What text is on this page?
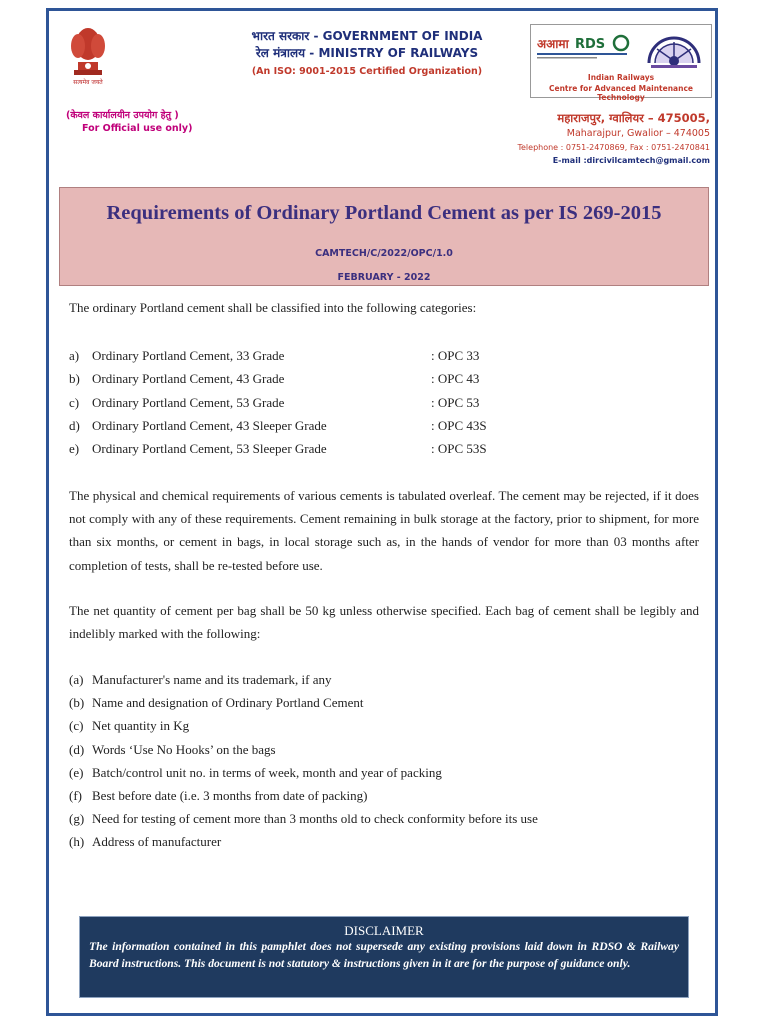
सत्यमेव जयते
(केवल कार्यालयीन उपयोग हेतु )
For Official use only)
भारत सरकार - GOVERNMENT OF INDIA
रेल मंत्रालय - MINISTRY OF RAILWAYS
(An ISO: 9001-2015 Certified Organization)
अआमा RDS
Indian Railways
Centre for Advanced Maintenance Technology
महाराजपुर, ग्वालियर – 475005,
Maharajpur, Gwalior – 474005
Telephone : 0751-2470869, Fax : 0751-2470841
E-mail :dircivilcamtech@gmail.com
Requirements of Ordinary Portland Cement as per IS 269-2015
CAMTECH/C/2022/OPC/1.0
FEBRUARY - 2022
The ordinary Portland cement shall be classified into the following categories:
a) Ordinary Portland Cement, 33 Grade	: OPC 33
b) Ordinary Portland Cement, 43 Grade	: OPC 43
c) Ordinary Portland Cement, 53 Grade	: OPC 53
d) Ordinary Portland Cement, 43 Sleeper Grade	: OPC 43S
e) Ordinary Portland Cement, 53 Sleeper Grade	: OPC 53S
The physical and chemical requirements of various cements is tabulated overleaf. The cement may be rejected, if it does not comply with any of these requirements. Cement remaining in bulk storage at the factory, prior to shipment, for more than six months, or cement in bags, in local storage such as, in the hands of vendor for more than 03 months after completion of tests, shall be re-tested before use.
The net quantity of cement per bag shall be 50 kg unless otherwise specified. Each bag of cement shall be legibly and indelibly marked with the following:
(a) Manufacturer's name and its trademark, if any
(b) Name and designation of Ordinary Portland Cement
(c) Net quantity in Kg
(d) Words ‘Use No Hooks’ on the bags
(e) Batch/control unit no. in terms of week, month and year of packing
(f) Best before date (i.e. 3 months from date of packing)
(g) Need for testing of cement more than 3 months old to check conformity before its use
(h) Address of manufacturer
DISCLAIMER
The information contained in this pamphlet does not supersede any existing provisions laid down in RDSO & Railway Board instructions. This document is not statutory & instructions given in it are for the purpose of guidance only.
